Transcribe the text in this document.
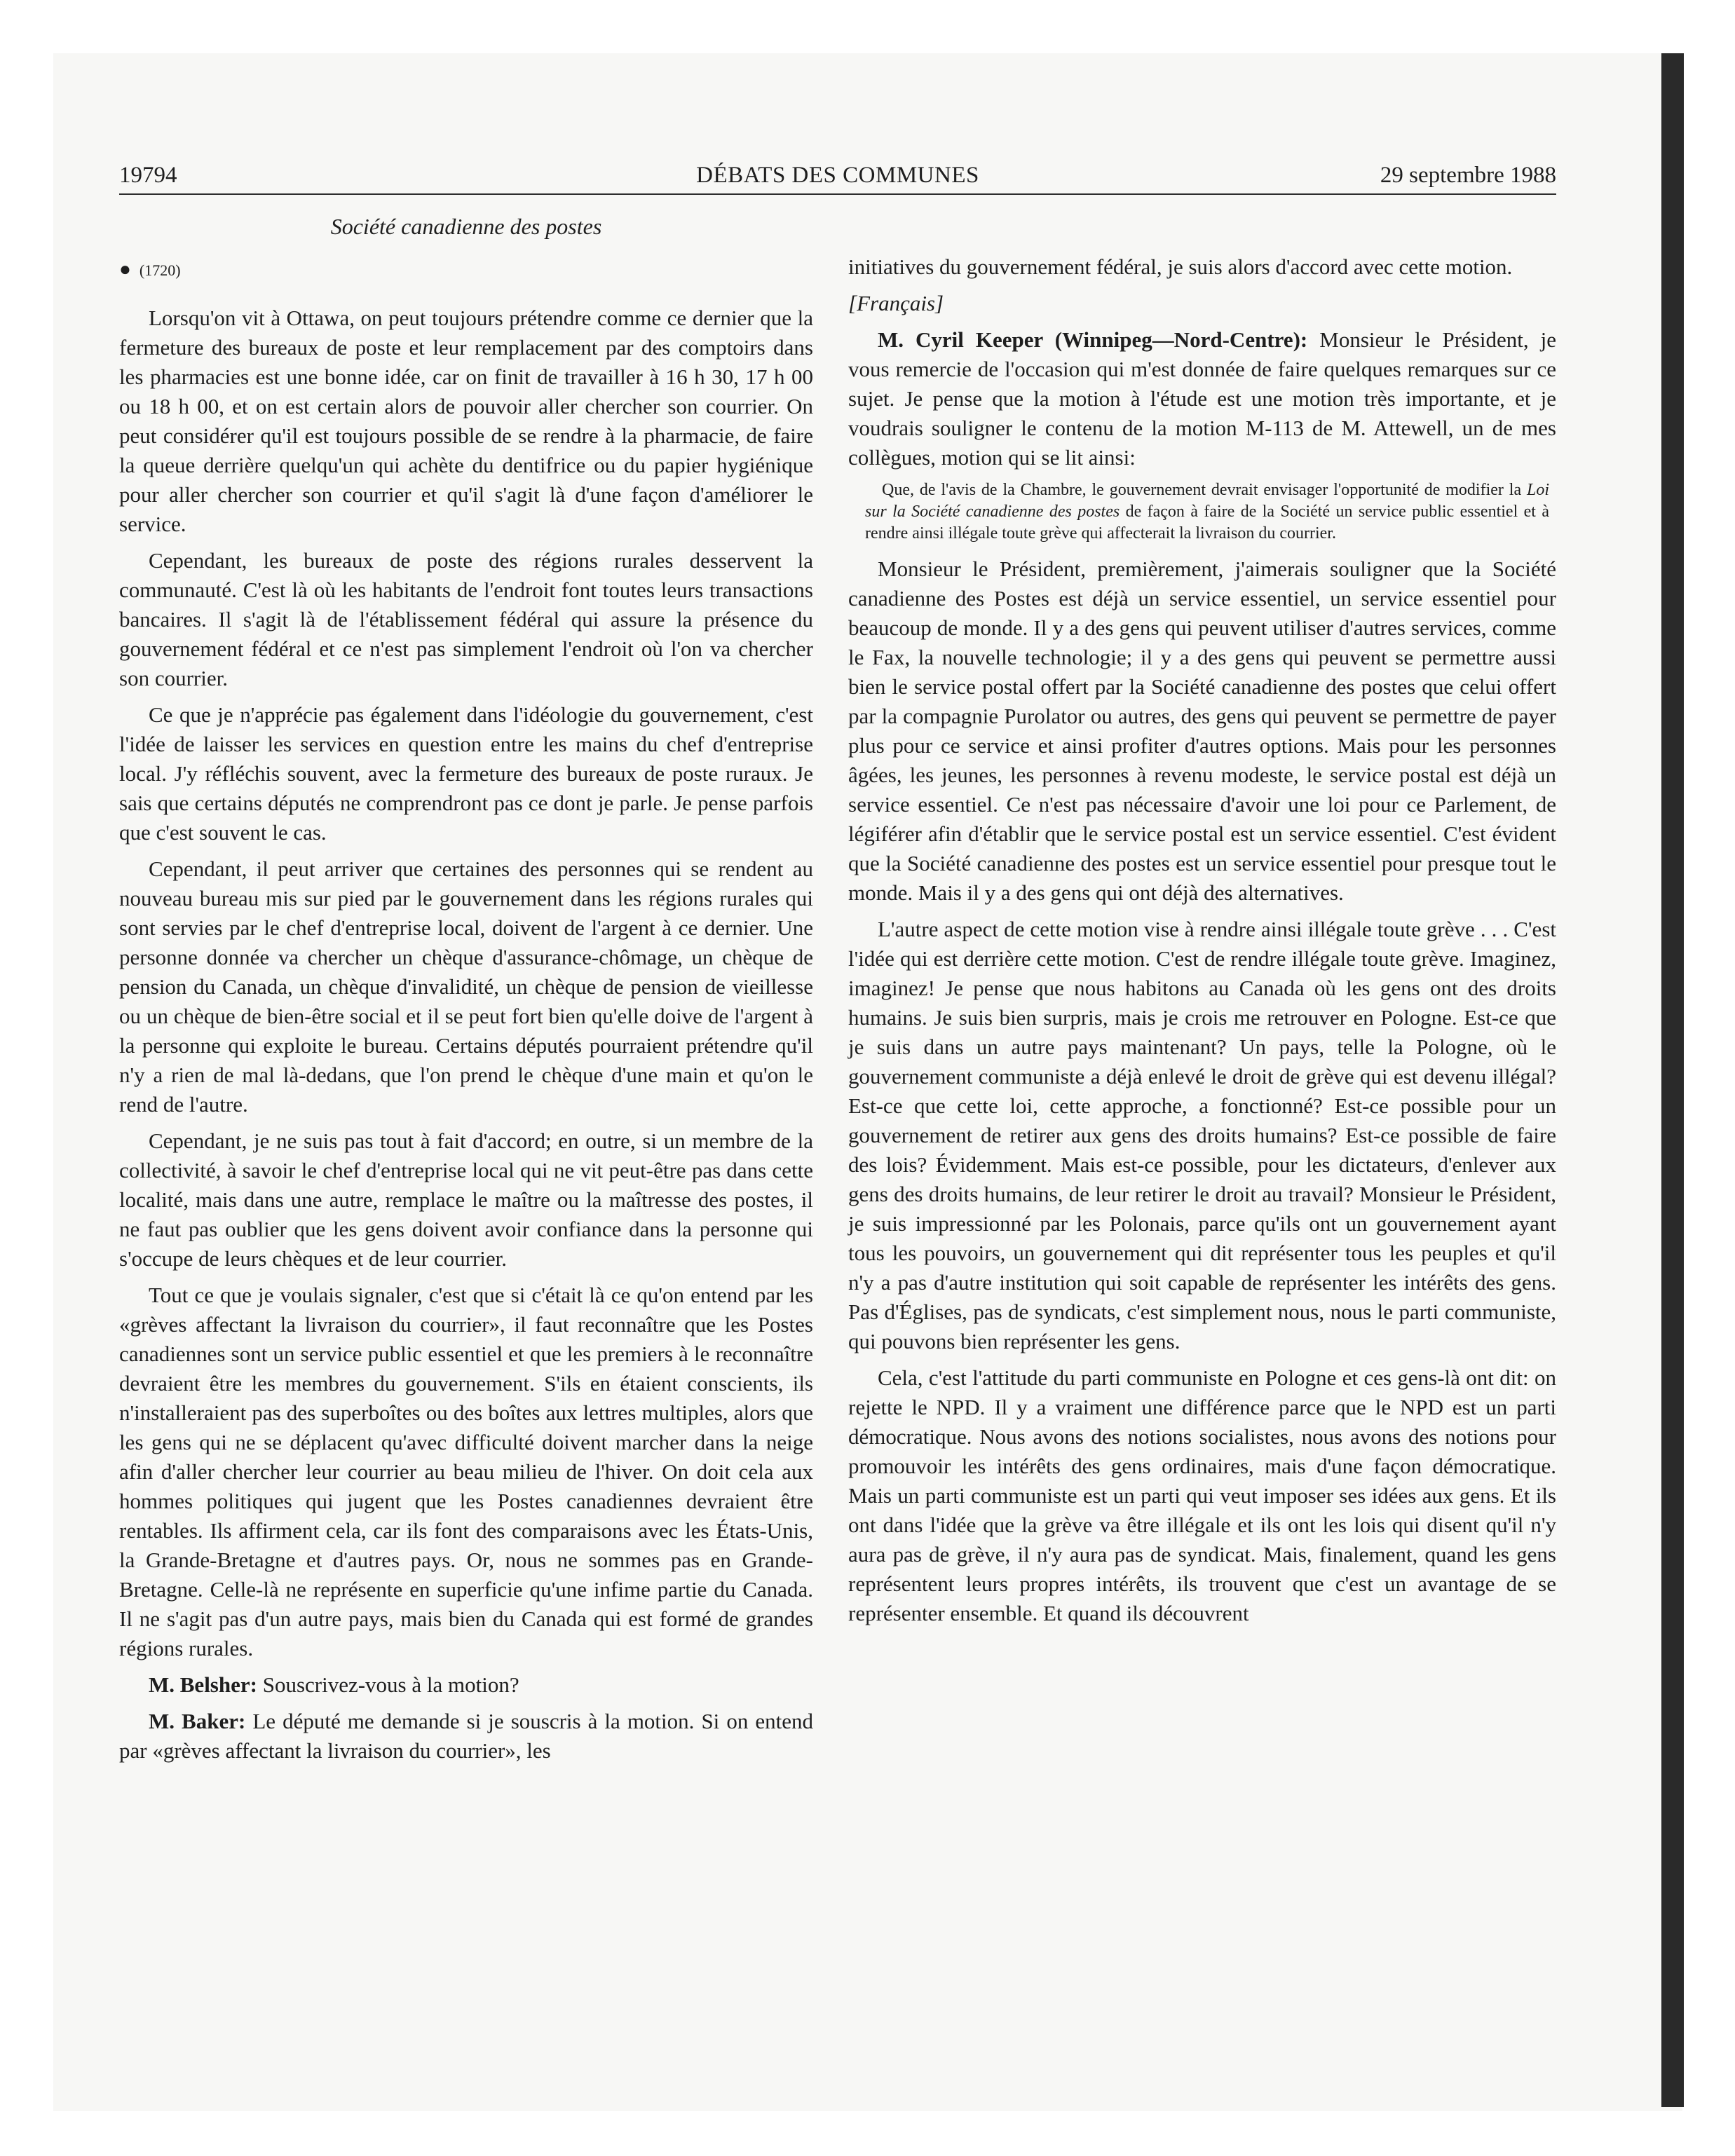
19794	DÉBATS DES COMMUNES	29 septembre 1988
Société canadienne des postes
● (1720)

Lorsqu'on vit à Ottawa, on peut toujours prétendre comme ce dernier que la fermeture des bureaux de poste et leur remplacement par des comptoirs dans les pharmacies est une bonne idée, car on finit de travailler à 16 h 30, 17 h 00 ou 18 h 00, et on est certain alors de pouvoir aller chercher son courrier. On peut considérer qu'il est toujours possible de se rendre à la pharmacie, de faire la queue derrière quelqu'un qui achète du dentifrice ou du papier hygiénique pour aller chercher son courrier et qu'il s'agit là d'une façon d'améliorer le service.

Cependant, les bureaux de poste des régions rurales desservent la communauté. C'est là où les habitants de l'endroit font toutes leurs transactions bancaires. Il s'agit là de l'établissement fédéral qui assure la présence du gouvernement fédéral et ce n'est pas simplement l'endroit où l'on va chercher son courrier.

Ce que je n'apprécie pas également dans l'idéologie du gouvernement, c'est l'idée de laisser les services en question entre les mains du chef d'entreprise local. J'y réfléchis souvent, avec la fermeture des bureaux de poste ruraux. Je sais que certains députés ne comprendront pas ce dont je parle. Je pense parfois que c'est souvent le cas.

Cependant, il peut arriver que certaines des personnes qui se rendent au nouveau bureau mis sur pied par le gouvernement dans les régions rurales qui sont servies par le chef d'entreprise local, doivent de l'argent à ce dernier. Une personne donnée va chercher un chèque d'assurance-chômage, un chèque de pension du Canada, un chèque d'invalidité, un chèque de pension de vieillesse ou un chèque de bien-être social et il se peut fort bien qu'elle doive de l'argent à la personne qui exploite le bureau. Certains députés pourraient prétendre qu'il n'y a rien de mal là-dedans, que l'on prend le chèque d'une main et qu'on le rend de l'autre.

Cependant, je ne suis pas tout à fait d'accord; en outre, si un membre de la collectivité, à savoir le chef d'entreprise local qui ne vit peut-être pas dans cette localité, mais dans une autre, remplace le maître ou la maîtresse des postes, il ne faut pas oublier que les gens doivent avoir confiance dans la personne qui s'occupe de leurs chèques et de leur courrier.

Tout ce que je voulais signaler, c'est que si c'était là ce qu'on entend par les «grèves affectant la livraison du courrier», il faut reconnaître que les Postes canadiennes sont un service public essentiel et que les premiers à le reconnaître devraient être les membres du gouvernement. S'ils en étaient conscients, ils n'installeraient pas des superboîtes ou des boîtes aux lettres multiples, alors que les gens qui ne se déplacent qu'avec difficulté doivent marcher dans la neige afin d'aller chercher leur courrier au beau milieu de l'hiver. On doit cela aux hommes politiques qui jugent que les Postes canadiennes devraient être rentables. Ils affirment cela, car ils font des comparaisons avec les États-Unis, la Grande-Bretagne et d'autres pays. Or, nous ne sommes pas en Grande-Bretagne. Celle-là ne représente en superficie qu'une infime partie du Canada. Il ne s'agit pas d'un autre pays, mais bien du Canada qui est formé de grandes régions rurales.

M. Belsher: Souscrivez-vous à la motion?

M. Baker: Le député me demande si je souscris à la motion. Si on entend par «grèves affectant la livraison du courrier», les

initiatives du gouvernement fédéral, je suis alors d'accord avec cette motion.

[Français]

M. Cyril Keeper (Winnipeg—Nord-Centre): Monsieur le Président, je vous remercie de l'occasion qui m'est donnée de faire quelques remarques sur ce sujet. Je pense que la motion à l'étude est une motion très importante, et je voudrais souligner le contenu de la motion M-113 de M. Attewell, un de mes collègues, motion qui se lit ainsi:

Que, de l'avis de la Chambre, le gouvernement devrait envisager l'opportunité de modifier la Loi sur la Société canadienne des postes de façon à faire de la Société un service public essentiel et à rendre ainsi illégale toute grève qui affecterait la livraison du courrier.

Monsieur le Président, premièrement, j'aimerais souligner que la Société canadienne des Postes est déjà un service essentiel, un service essentiel pour beaucoup de monde. Il y a des gens qui peuvent utiliser d'autres services, comme le Fax, la nouvelle technologie; il y a des gens qui peuvent se permettre aussi bien le service postal offert par la Société canadienne des postes que celui offert par la compagnie Purolator ou autres, des gens qui peuvent se permettre de payer plus pour ce service et ainsi profiter d'autres options. Mais pour les personnes âgées, les jeunes, les personnes à revenu modeste, le service postal est déjà un service essentiel. Ce n'est pas nécessaire d'avoir une loi pour ce Parlement, de légiférer afin d'établir que le service postal est un service essentiel. C'est évident que la Société canadienne des postes est un service essentiel pour presque tout le monde. Mais il y a des gens qui ont déjà des alternatives.

L'autre aspect de cette motion vise à rendre ainsi illégale toute grève . . . C'est l'idée qui est derrière cette motion. C'est de rendre illégale toute grève. Imaginez, imaginez! Je pense que nous habitons au Canada où les gens ont des droits humains. Je suis bien surpris, mais je crois me retrouver en Pologne. Est-ce que je suis dans un autre pays maintenant? Un pays, telle la Pologne, où le gouvernement communiste a déjà enlevé le droit de grève qui est devenu illégal? Est-ce que cette loi, cette approche, a fonctionné? Est-ce possible pour un gouvernement de retirer aux gens des droits humains? Est-ce possible de faire des lois? Évidemment. Mais est-ce possible, pour les dictateurs, d'enlever aux gens des droits humains, de leur retirer le droit au travail? Monsieur le Président, je suis impressionné par les Polonais, parce qu'ils ont un gouvernement ayant tous les pouvoirs, un gouvernement qui dit représenter tous les peuples et qu'il n'y a pas d'autre institution qui soit capable de représenter les intérêts des gens. Pas d'Églises, pas de syndicats, c'est simplement nous, nous le parti communiste, qui pouvons bien représenter les gens.

Cela, c'est l'attitude du parti communiste en Pologne et ces gens-là ont dit: on rejette le NPD. Il y a vraiment une différence parce que le NPD est un parti démocratique. Nous avons des notions socialistes, nous avons des notions pour promouvoir les intérêts des gens ordinaires, mais d'une façon démocratique. Mais un parti communiste est un parti qui veut imposer ses idées aux gens. Et ils ont dans l'idée que la grève va être illégale et ils ont les lois qui disent qu'il n'y aura pas de grève, il n'y aura pas de syndicat. Mais, finalement, quand les gens représentent leurs propres intérêts, ils trouvent que c'est un avantage de se représenter ensemble. Et quand ils découvrent
